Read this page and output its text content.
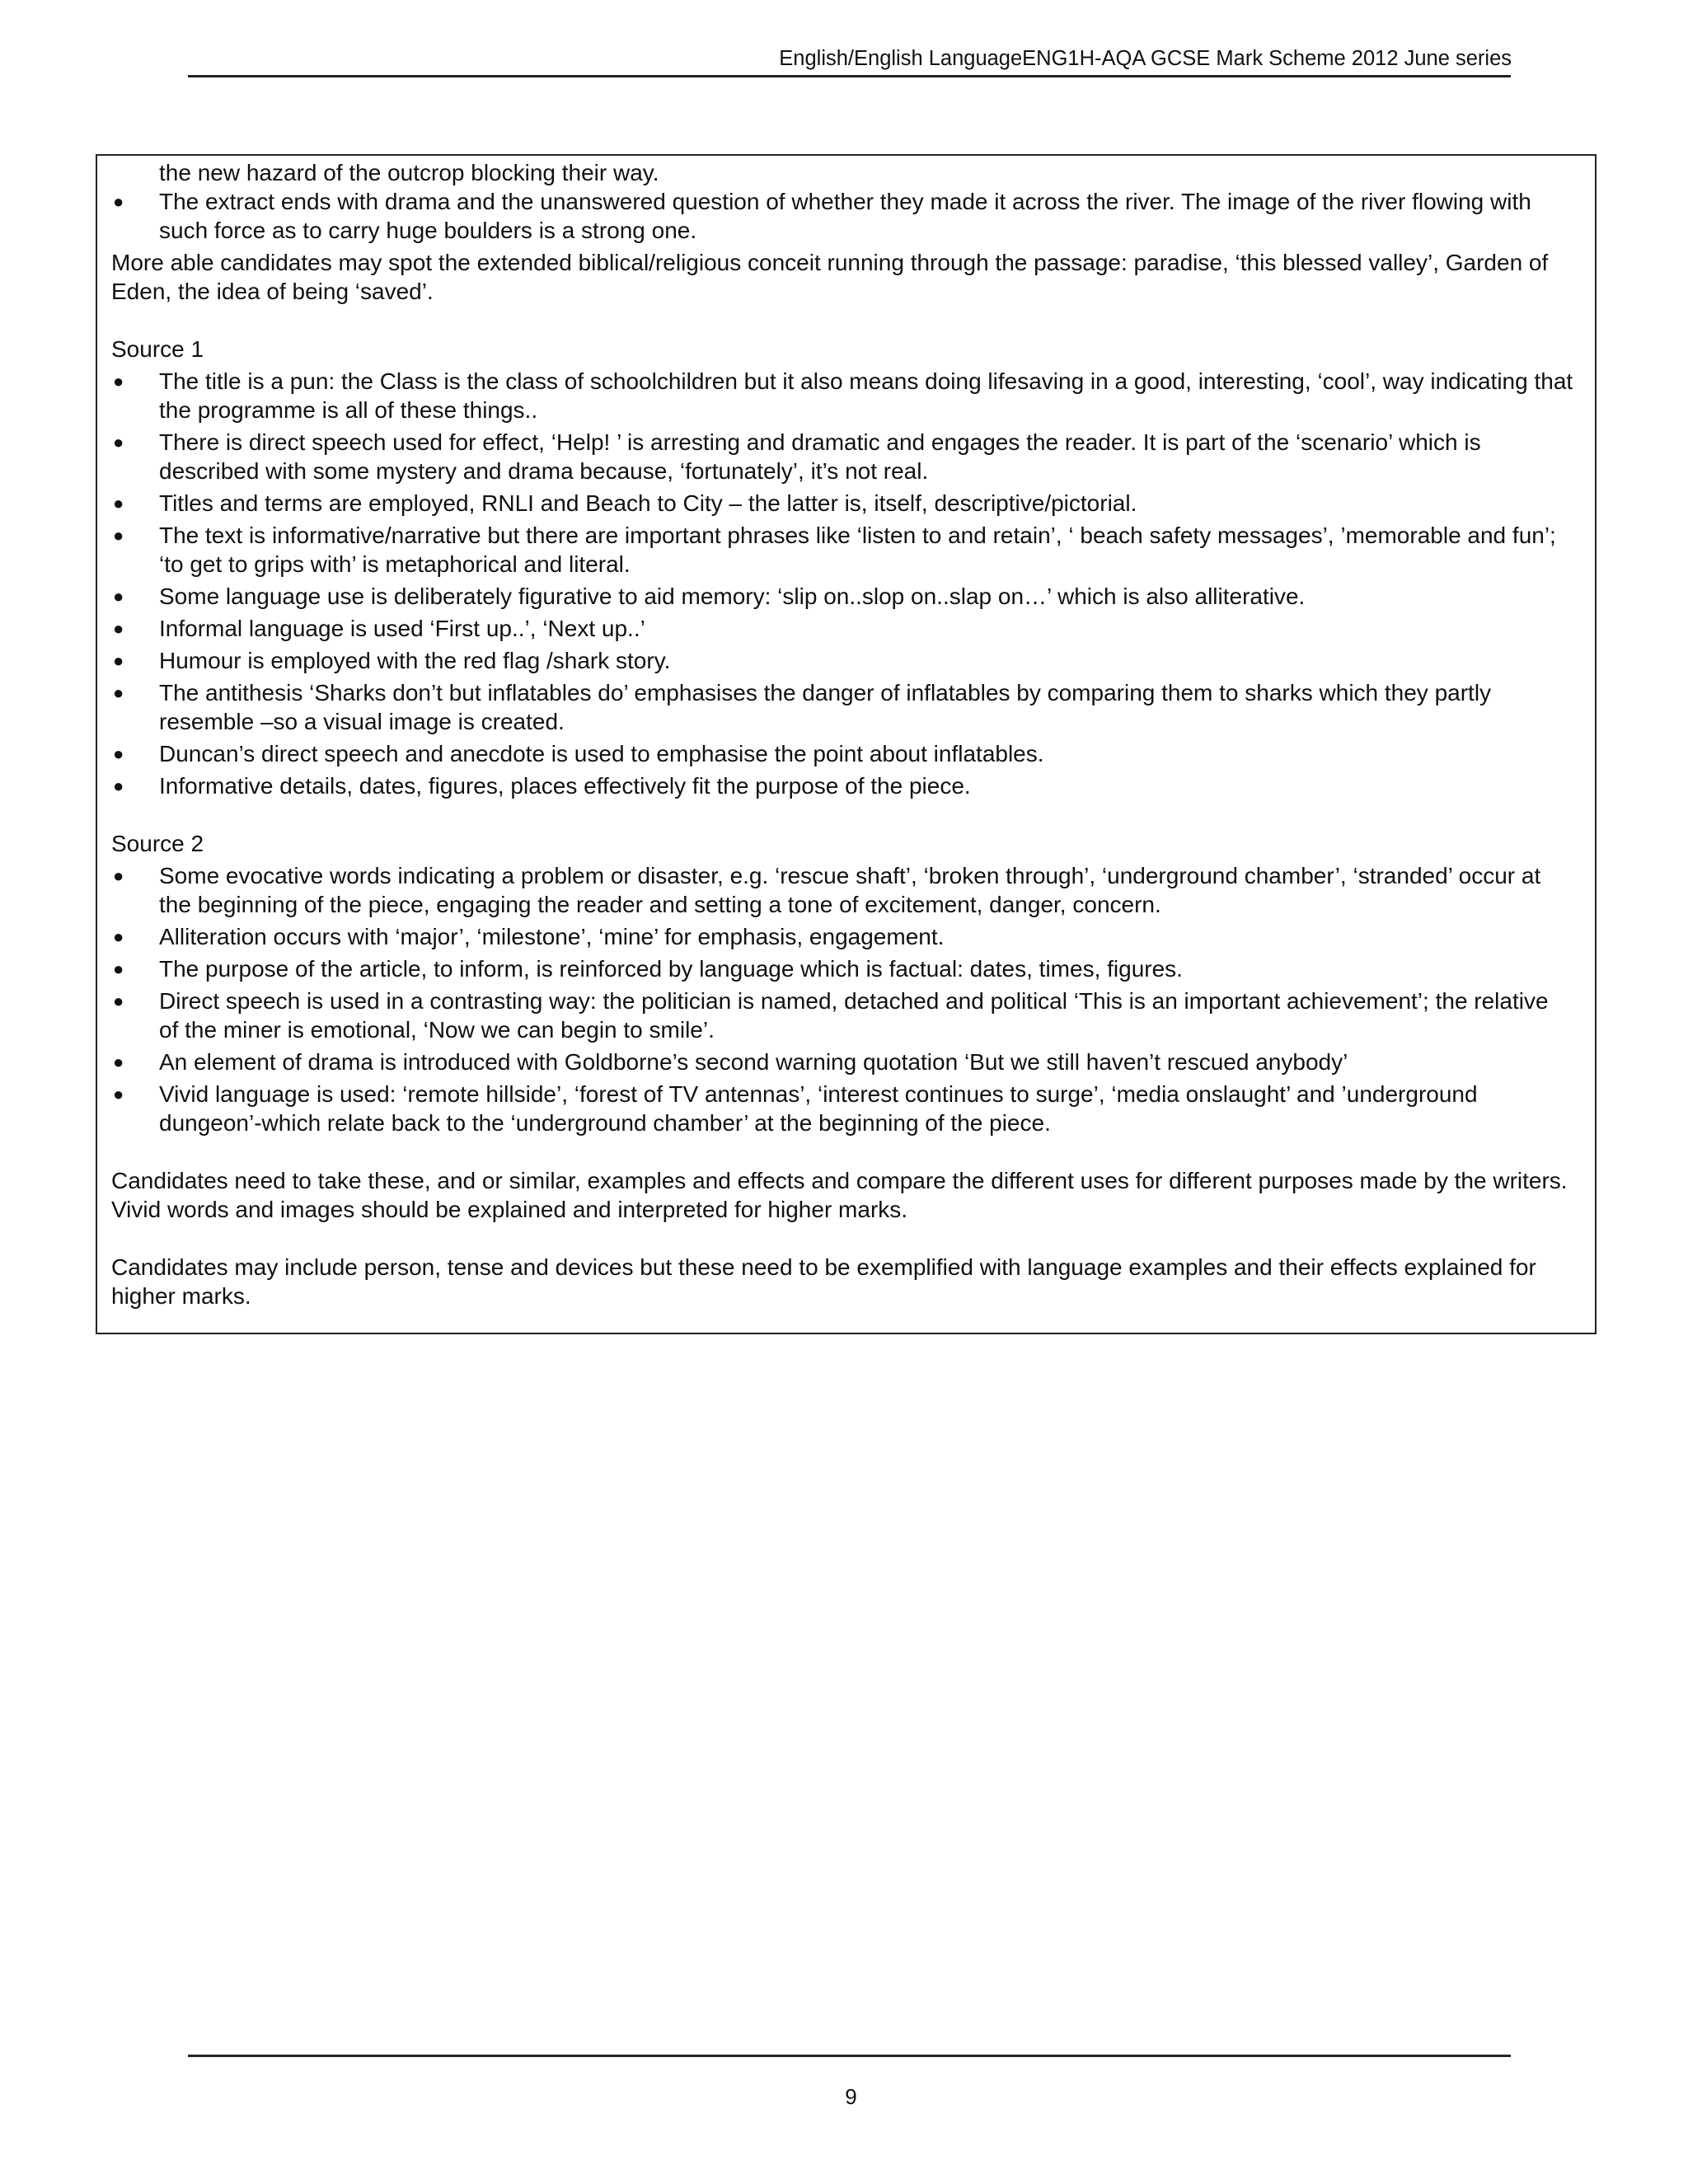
English/English LanguageENG1H-AQA GCSE Mark Scheme 2012 June series

the new hazard of the outcrop blocking their way.

● The extract ends with drama and the unanswered question of whether they made it across the river. The image of the river flowing with such force as to carry huge boulders is a strong one.

More able candidates may spot the extended biblical/religious conceit running through the passage: paradise, ‘this blessed valley’, Garden of Eden, the idea of being ‘saved’.

Source 1

● The title is a pun: the Class is the class of schoolchildren but it also means doing lifesaving in a good, interesting, ‘cool’, way indicating that the programme is all of these things..
● There is direct speech used for effect, ‘Help! ’ is arresting and dramatic and engages the reader. It is part of the ‘scenario’ which is described with some mystery and drama because, ‘fortunately’, it’s not real.
● Titles and terms are employed, RNLI and Beach to City – the latter is, itself, descriptive/pictorial.
● The text is informative/narrative but there are important phrases like ‘listen to and retain’, ‘ beach safety messages’, ’memorable and fun’; ‘to get to grips with’ is metaphorical and literal.
● Some language use is deliberately figurative to aid memory: ‘slip on..slop on..slap on…’ which is also alliterative.
● Informal language is used ‘First up..’, ‘Next up..’
● Humour is employed with the red flag /shark story.
● The antithesis ‘Sharks don’t but inflatables do’ emphasises the danger of inflatables by comparing them to sharks which they partly resemble –so a visual image is created.
● Duncan’s direct speech and anecdote is used to emphasise the point about inflatables.
● Informative details, dates, figures, places effectively fit the purpose of the piece.

Source 2

● Some evocative words indicating a problem or disaster, e.g. ‘rescue shaft’, ‘broken through’, ‘underground chamber’, ‘stranded’ occur at the beginning of the piece, engaging the reader and setting a tone of excitement, danger, concern.
● Alliteration occurs with ‘major’, ‘milestone’, ‘mine’ for emphasis, engagement.
● The purpose of the article, to inform, is reinforced by language which is factual: dates, times, figures.
● Direct speech is used in a contrasting way: the politician is named, detached and political ‘This is an important achievement’; the relative of the miner is emotional, ‘Now we can begin to smile’.
● An element of drama is introduced with Goldborne’s second warning quotation ‘But we still haven’t rescued anybody’
● Vivid language is used: ‘remote hillside’, ‘forest of TV antennas’, ‘interest continues to surge’, ‘media onslaught’ and ’underground dungeon’-which relate back to the ‘underground chamber’ at the beginning of the piece.

Candidates need to take these, and or similar, examples and effects and compare the different uses for different purposes made by the writers. Vivid words and images should be explained and interpreted for higher marks.

Candidates may include person, tense and devices but these need to be exemplified with language examples and their effects explained for higher marks.

9
